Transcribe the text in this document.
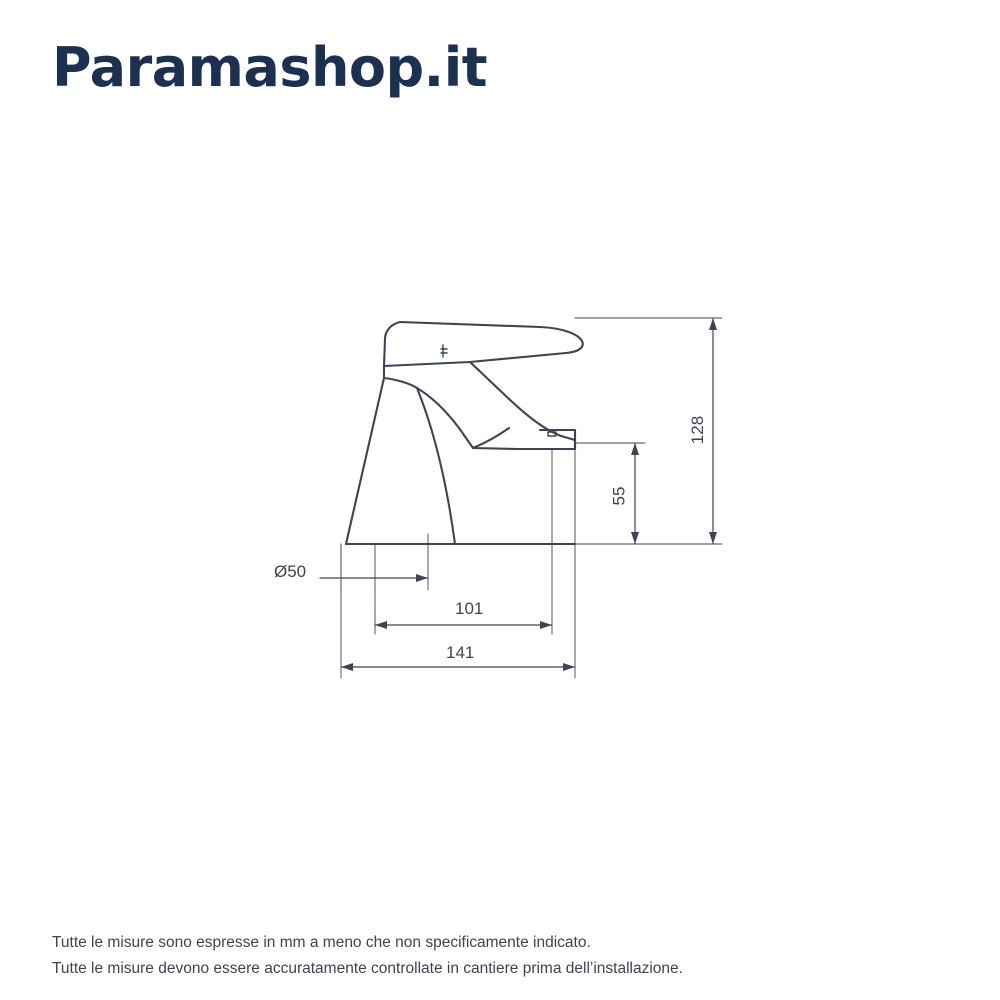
Paramashop.it
128
55
Ø50
101
141
Tutte le misure sono espresse in mm a meno che non specificamente indicato.
Tutte le misure devono essere accuratamente controllate in cantiere prima dell’installazione.
